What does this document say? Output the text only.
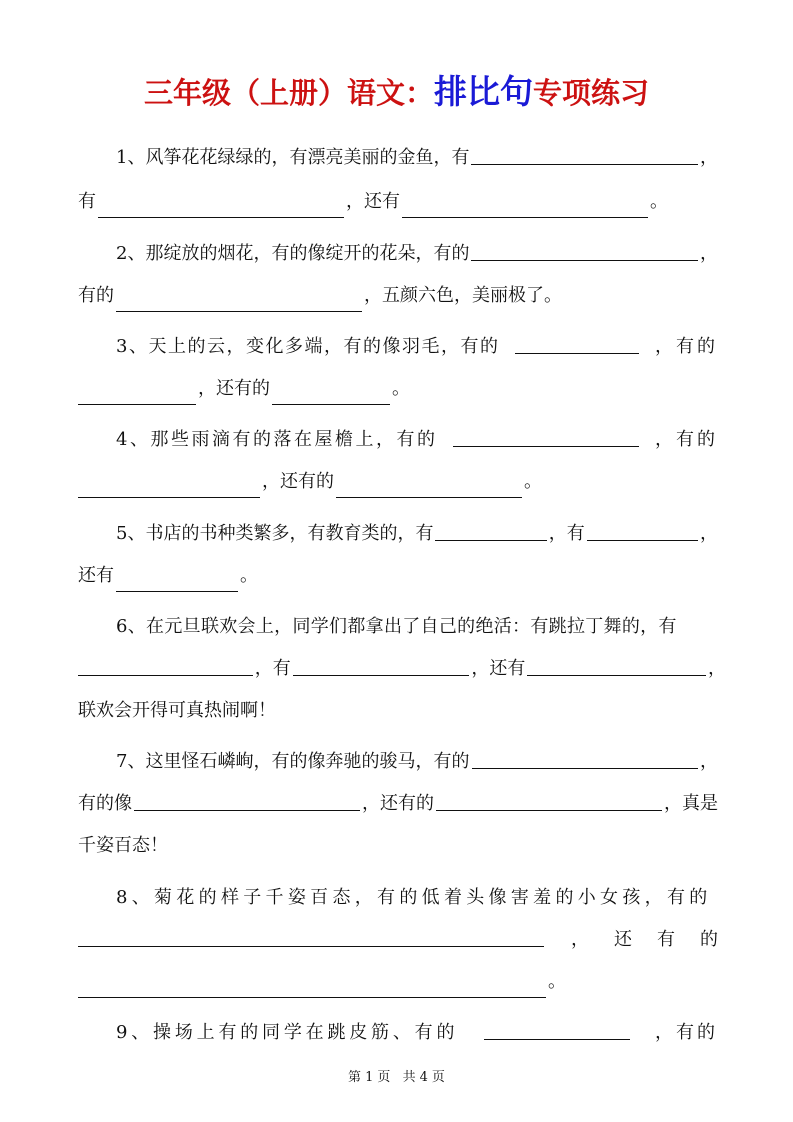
三年级（上册）语文：排比句专项练习
1、风筝花花绿绿的，有漂亮美丽的金鱼，有	，
有	，还有	。
2、那绽放的烟花，有的像绽开的花朵，有的	，
有的	，五颜六色，美丽极了。
3、天上的云，变化多端，有的像羽毛，有的	，有的
，还有的	。
4、那些雨滴有的落在屋檐上，有的	，有的
，还有的	。
5、书店的书种类繁多，有教育类的，有	，有	，
还有	。
6、在元旦联欢会上，同学们都拿出了自己的绝活：有跳拉丁舞的，有
，有	，还有	，
联欢会开得可真热闹啊！
7、这里怪石嶙峋，有的像奔驰的骏马，有的	，
有的像	，还有的	，真是
千姿百态！
8、菊花的样子千姿百态，有的低着头像害羞的小女孩，有的
， 还 有 的
。
9、操场上有的同学在跳皮筋、有的	，有的
第 1 页 共 4 页
